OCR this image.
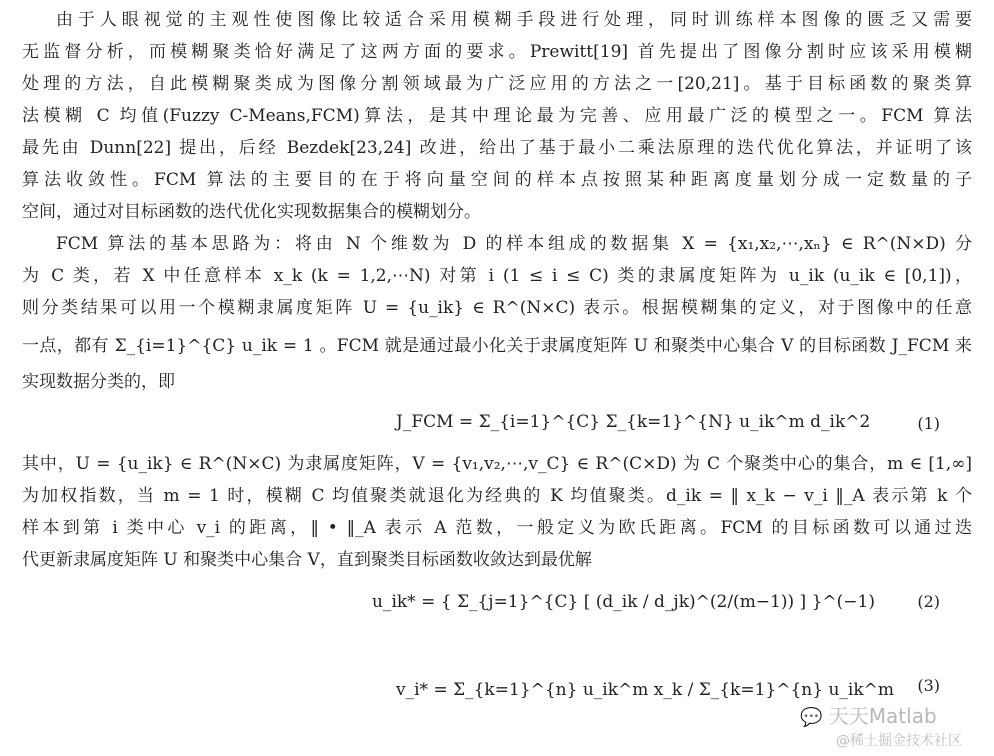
由于人眼视觉的主观性使图像比较适合采用模糊手段进行处理，同时训练样本图像的匮乏又需要
无监督分析，而模糊聚类恰好满足了这两方面的要求。Prewitt[19] 首先提出了图像分割时应该采用模糊
处理的方法，自此模糊聚类成为图像分割领域最为广泛应用的方法之一[20,21]。基于目标函数的聚类算
法模糊 C 均值(Fuzzy C-Means,FCM)算法，是其中理论最为完善、应用最广泛的模型之一。FCM 算法
最先由 Dunn[22] 提出，后经 Bezdek[23,24] 改进，给出了基于最小二乘法原理的迭代优化算法，并证明了该
算法收敛性。FCM 算法的主要目的在于将向量空间的样本点按照某种距离度量划分成一定数量的子
空间，通过对目标函数的迭代优化实现数据集合的模糊划分。
FCM 算法的基本思路为：将由 N 个维数为 D 的样本组成的数据集 X = {x₁,x₂,⋯,xₙ} ∈ R^(N×D) 分
为 C 类，若 X 中任意样本 x_k (k = 1,2,⋯N) 对第 i (1 ≤ i ≤ C) 类的隶属度矩阵为 u_ik (u_ik ∈ [0,1])，
则分类结果可以用一个模糊隶属度矩阵 U = {u_ik} ∈ R^(N×C) 表示。根据模糊集的定义，对于图像中的任意
一点，都有 Σ_{i=1}^{C} u_ik = 1 。FCM 就是通过最小化关于隶属度矩阵 U 和聚类中心集合 V 的目标函数 J_FCM 来
实现数据分类的，即
J_FCM = Σ_{i=1}^{C} Σ_{k=1}^{N} u_ik^m d_ik^2	(1)
其中，U = {u_ik} ∈ R^(N×C) 为隶属度矩阵，V = {v₁,v₂,⋯,v_C} ∈ R^(C×D) 为 C 个聚类中心的集合，m ∈ [1,∞]
为加权指数，当 m = 1 时，模糊 C 均值聚类就退化为经典的 K 均值聚类。d_ik = ‖ x_k − v_i ‖_A 表示第 k 个
样本到第 i 类中心 v_i 的距离，‖ • ‖_A 表示 A 范数，一般定义为欧氏距离。FCM 的目标函数可以通过迭
代更新隶属度矩阵 U 和聚类中心集合 V，直到聚类目标函数收敛达到最优解
u_ik* = { Σ_{j=1}^{C} [ (d_ik / d_jk)^(2/(m−1)) ] }^(−1)	(2)
v_i* = Σ_{k=1}^{n} u_ik^m x_k / Σ_{k=1}^{n} u_ik^m (3)
💬 天天Matlab
@稀土掘金技术社区
